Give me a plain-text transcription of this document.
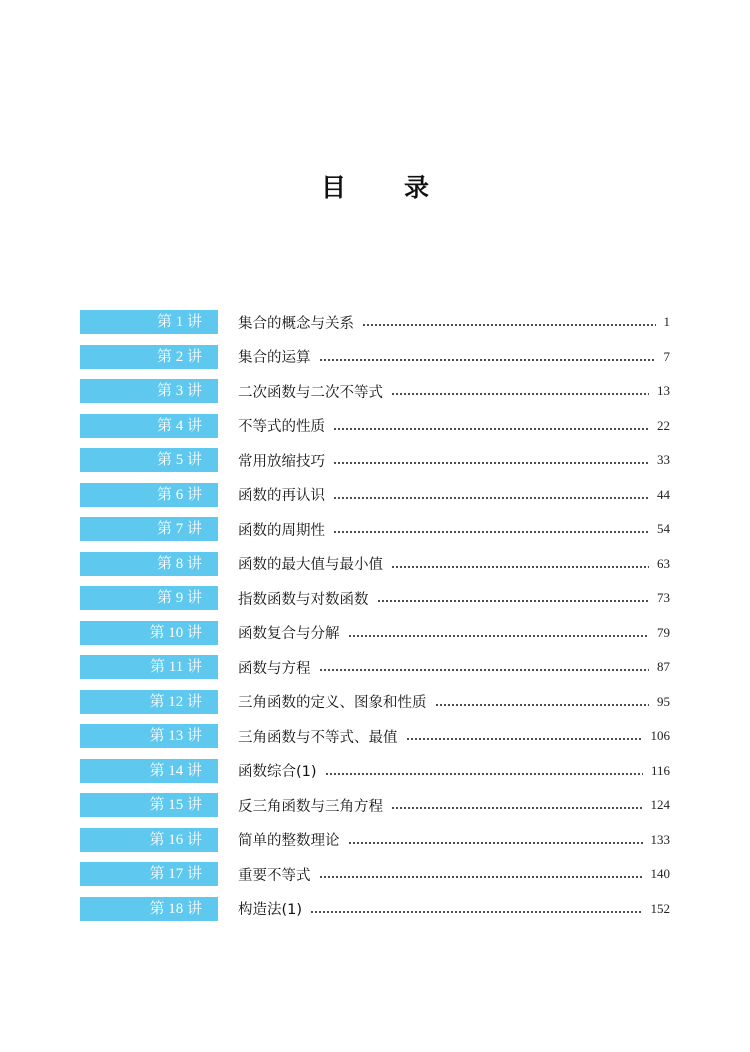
目 录
第 1 讲 集合的概念与关系	1
第 2 讲 集合的运算	7
第 3 讲 二次函数与二次不等式	13
第 4 讲 不等式的性质	22
第 5 讲 常用放缩技巧	33
第 6 讲 函数的再认识	44
第 7 讲 函数的周期性	54
第 8 讲 函数的最大值与最小值	63
第 9 讲 指数函数与对数函数	73
第 10 讲 函数复合与分解	79
第 11 讲 函数与方程	87
第 12 讲 三角函数的定义、图象和性质	95
第 13 讲 三角函数与不等式、最值	106
第 14 讲 函数综合(1)	116
第 15 讲 反三角函数与三角方程	124
第 16 讲 简单的整数理论	133
第 17 讲 重要不等式	140
第 18 讲 构造法(1)	152
